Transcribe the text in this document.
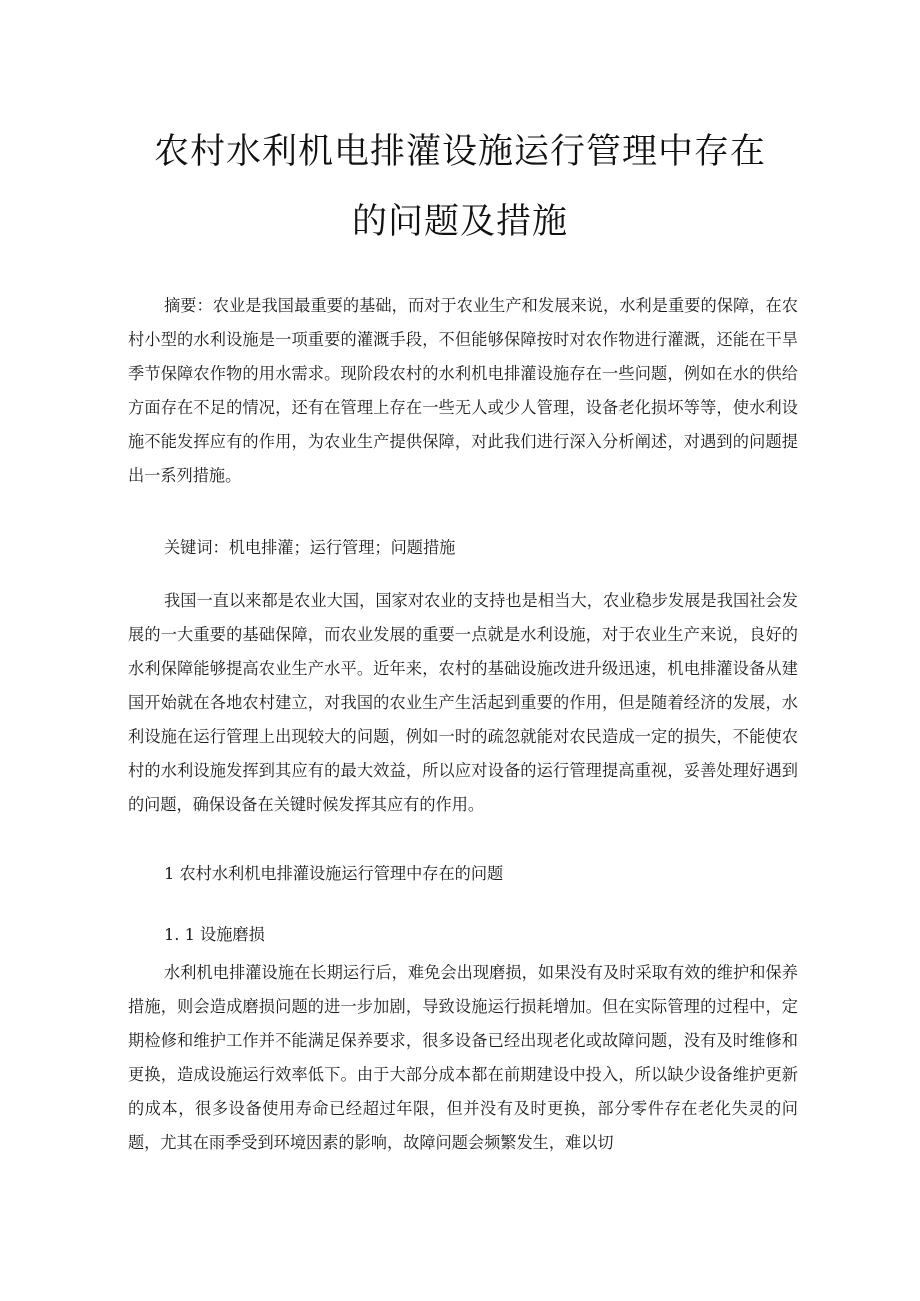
农村水利机电排灌设施运行管理中存在
的问题及措施

摘要：农业是我国最重要的基础，而对于农业生产和发展来说，水利是重要的保障，在农村小型的水利设施是一项重要的灌溉手段，不但能够保障按时对农作物进行灌溉，还能在干旱季节保障农作物的用水需求。现阶段农村的水利机电排灌设施存在一些问题，例如在水的供给方面存在不足的情况，还有在管理上存在一些无人或少人管理，设备老化损坏等等，使水利设施不能发挥应有的作用，为农业生产提供保障，对此我们进行深入分析阐述，对遇到的问题提出一系列措施。

关键词：机电排灌；运行管理；问题措施

我国一直以来都是农业大国，国家对农业的支持也是相当大，农业稳步发展是我国社会发展的一大重要的基础保障，而农业发展的重要一点就是水利设施，对于农业生产来说，良好的水利保障能够提高农业生产水平。近年来，农村的基础设施改进升级迅速，机电排灌设备从建国开始就在各地农村建立，对我国的农业生产生活起到重要的作用，但是随着经济的发展，水利设施在运行管理上出现较大的问题，例如一时的疏忽就能对农民造成一定的损失，不能使农村的水利设施发挥到其应有的最大效益，所以应对设备的运行管理提高重视，妥善处理好遇到的问题，确保设备在关键时候发挥其应有的作用。

1 农村水利机电排灌设施运行管理中存在的问题

1. 1 设施磨损

水利机电排灌设施在长期运行后，难免会出现磨损，如果没有及时采取有效的维护和保养措施，则会造成磨损问题的进一步加剧，导致设施运行损耗增加。但在实际管理的过程中，定期检修和维护工作并不能满足保养要求，很多设备已经出现老化或故障问题，没有及时维修和更换，造成设施运行效率低下。由于大部分成本都在前期建设中投入，所以缺少设备维护更新的成本，很多设备使用寿命已经超过年限，但并没有及时更换，部分零件存在老化失灵的问题，尤其在雨季受到环境因素的影响，故障问题会频繁发生，难以切
